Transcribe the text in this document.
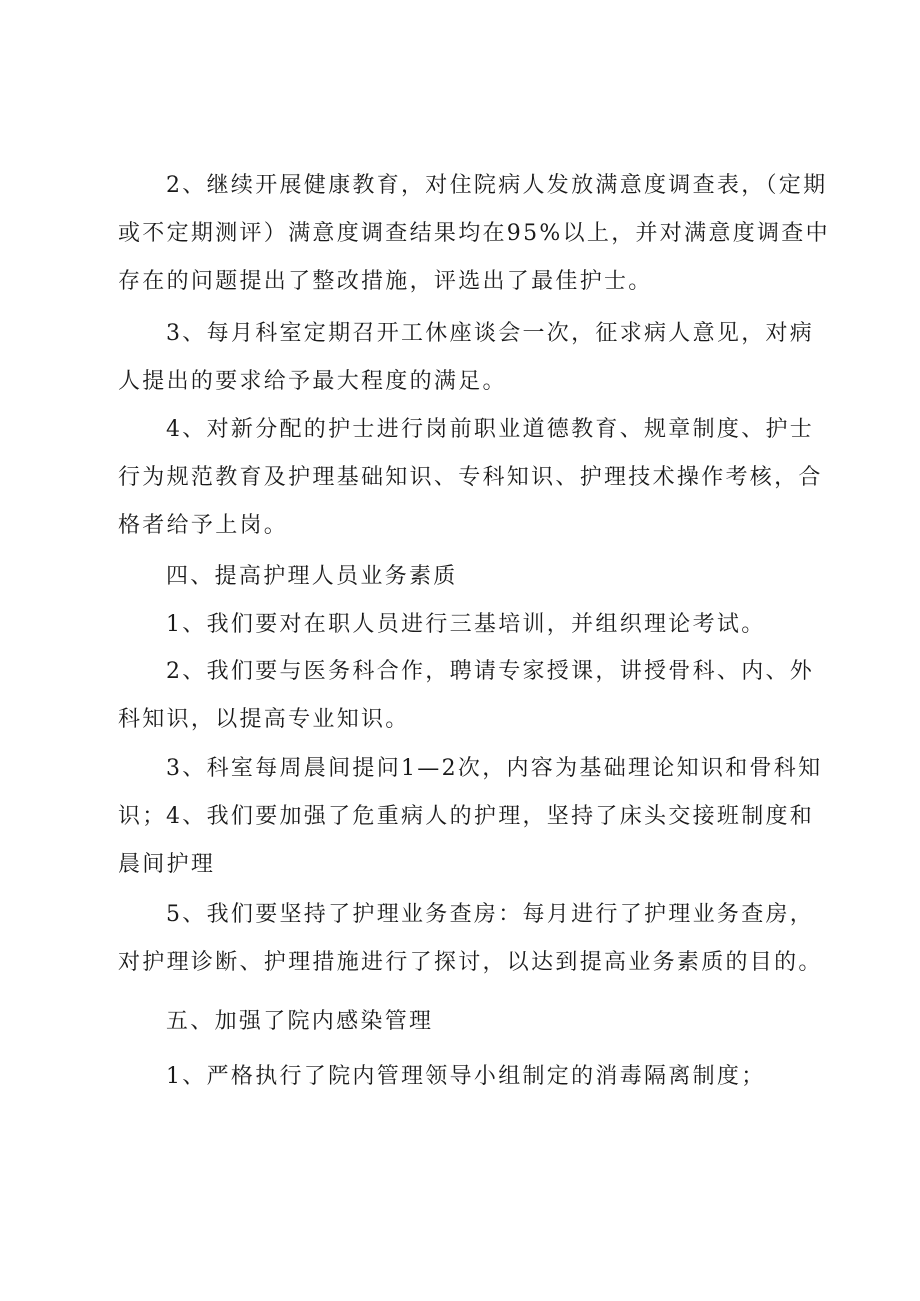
2、继续开展健康教育，对住院病人发放满意度调查表，（定期或不定期测评）满意度调查结果均在95%以上，并对满意度调查中存在的问题提出了整改措施，评选出了最佳护士。

3、每月科室定期召开工休座谈会一次，征求病人意见，对病人提出的要求给予最大程度的满足。

4、对新分配的护士进行岗前职业道德教育、规章制度、护士行为规范教育及护理基础知识、专科知识、护理技术操作考核，合格者给予上岗。

四、提高护理人员业务素质

1、我们要对在职人员进行三基培训，并组织理论考试。

2、我们要与医务科合作，聘请专家授课，讲授骨科、内、外科知识，以提高专业知识。

3、科室每周晨间提问1—2次，内容为基础理论知识和骨科知识； 4、我们要加强了危重病人的护理，坚持了床头交接班制度和晨间护理

5、我们要坚持了护理业务查房：每月进行了护理业务查房，对护理诊断、护理措施进行了探讨，以达到提高业务素质的目的。

五、加强了院内感染管理

1、严格执行了院内管理领导小组制定的消毒隔离制度；
